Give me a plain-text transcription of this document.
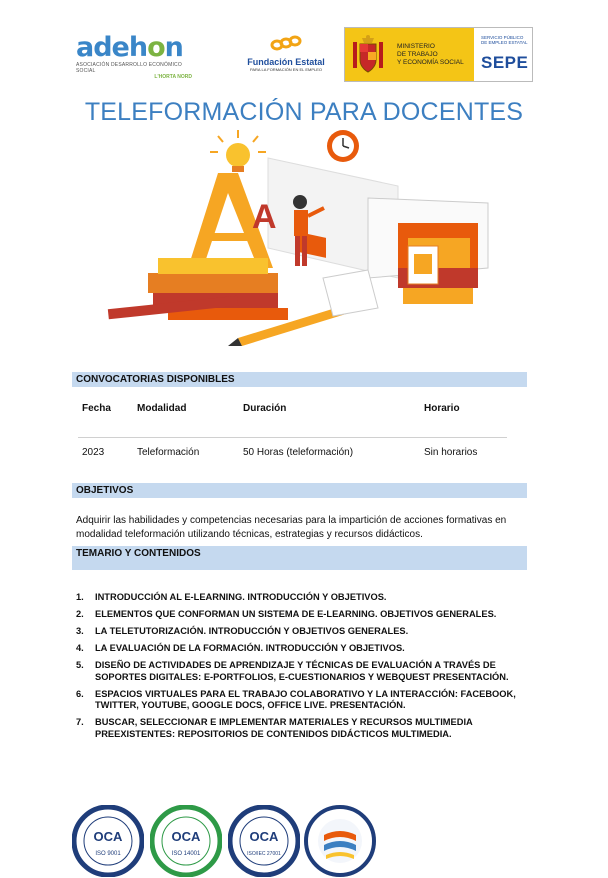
adehon
ASOCIACIÓN DESARROLLO ECONÓMICO SOCIAL
L'HORTA NORD
Fundación Estatal
PARA LA FORMACIÓN EN EL EMPLEO
MINISTERIO
DE TRABAJO
Y ECONOMÍA SOCIAL
SERVICIO PÚBLICO
DE EMPLEO ESTATAL
SEPE
TELEFORMACIÓN PARA DOCENTES
A
CONVOCATORIAS DISPONIBLES
Fecha	Modalidad	Duración	Horario
2023	Teleformación	50 Horas (teleformación)	Sin horarios
OBJETIVOS
Adquirir las habilidades y competencias necesarias para la impartición de acciones formativas en modalidad teleformación utilizando técnicas, estrategias y recursos didácticos.
TEMARIO Y CONTENIDOS
1.	INTRODUCCIÓN AL E-LEARNING. INTRODUCCIÓN Y OBJETIVOS.
2.	ELEMENTOS QUE CONFORMAN UN SISTEMA DE E-LEARNING. OBJETIVOS GENERALES.
3.	LA TELETUTORIZACIÓN. INTRODUCCIÓN Y OBJETIVOS GENERALES.
4.	LA EVALUACIÓN DE LA FORMACIÓN. INTRODUCCIÓN Y OBJETIVOS.
5.	DISEÑO DE ACTIVIDADES DE APRENDIZAJE Y TÉCNICAS DE EVALUACIÓN A TRAVÉS DE SOPORTES DIGITALES: E-PORTFOLIOS, E-CUESTIONARIOS Y WEBQUEST PRESENTACIÓN.
6.	ESPACIOS VIRTUALES PARA EL TRABAJO COLABORATIVO Y LA INTERACCIÓN: FACEBOOK, TWITTER, YOUTUBE, GOOGLE DOCS, OFFICE LIVE. PRESENTACIÓN.
7.	BUSCAR, SELECCIONAR E IMPLEMENTAR MATERIALES Y RECURSOS MULTIMEDIA PREEXISTENTES: REPOSITORIOS DE CONTENIDOS DIDÁCTICOS MULTIMEDIA.
OCA
ISO 9001
OCA
ISO 14001
OCA
ISO/IEC 27001
